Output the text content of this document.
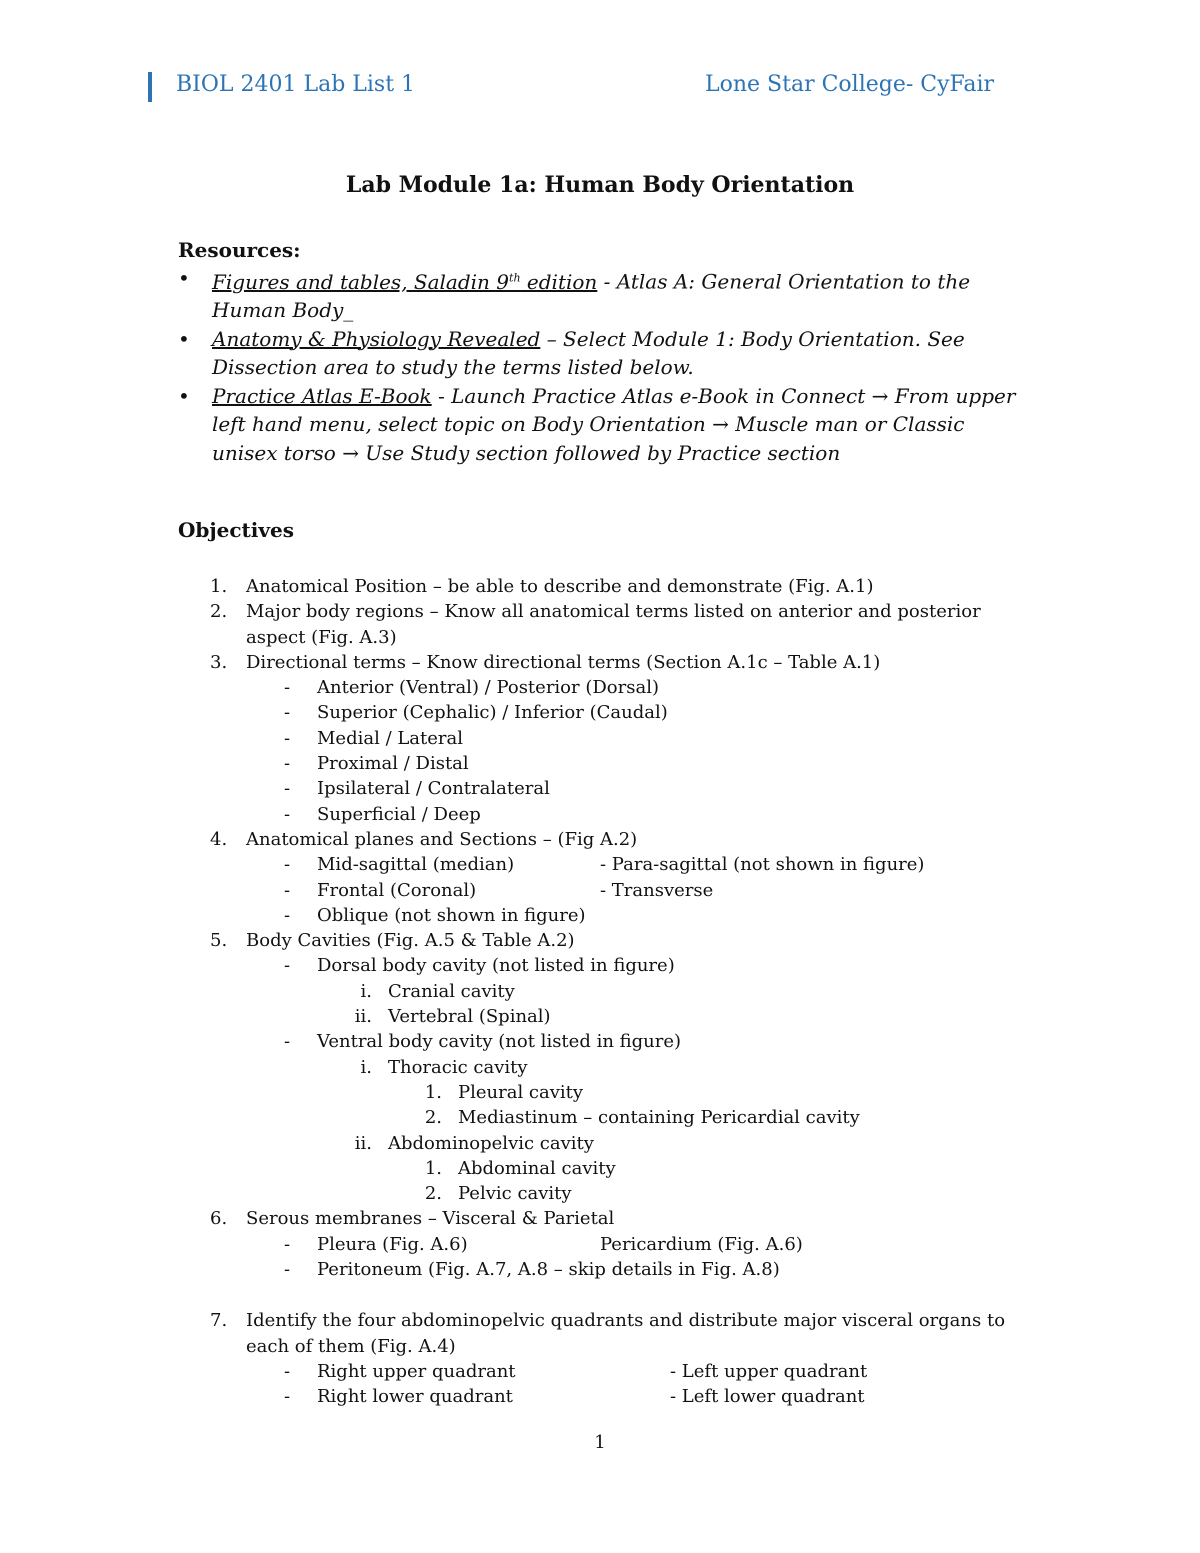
BIOL 2401 Lab List 1	Lone Star College- CyFair
Lab Module 1a: Human Body Orientation
Resources:
• Figures and tables, Saladin 9th edition - Atlas A: General Orientation to the Human Body_
• Anatomy & Physiology Revealed – Select Module 1: Body Orientation. See Dissection area to study the terms listed below.
• Practice Atlas E-Book - Launch Practice Atlas e-Book in Connect → From upper left hand menu, select topic on Body Orientation → Muscle man or Classic unisex torso → Use Study section followed by Practice section
Objectives
1. Anatomical Position – be able to describe and demonstrate (Fig. A.1)
2. Major body regions – Know all anatomical terms listed on anterior and posterior aspect (Fig. A.3)
3. Directional terms – Know directional terms (Section A.1c – Table A.1)
- Anterior (Ventral) / Posterior (Dorsal)
- Superior (Cephalic) / Inferior (Caudal)
- Medial / Lateral
- Proximal / Distal
- Ipsilateral / Contralateral
- Superficial / Deep
4. Anatomical planes and Sections – (Fig A.2)
- Mid-sagittal (median)	- Para-sagittal (not shown in figure)
- Frontal (Coronal)	- Transverse
- Oblique (not shown in figure)
5. Body Cavities (Fig. A.5 & Table A.2)
- Dorsal body cavity (not listed in figure)
i. Cranial cavity
ii. Vertebral (Spinal)
- Ventral body cavity (not listed in figure)
i. Thoracic cavity
1. Pleural cavity
2. Mediastinum – containing Pericardial cavity
ii. Abdominopelvic cavity
1. Abdominal cavity
2. Pelvic cavity
6. Serous membranes – Visceral & Parietal
- Pleura (Fig. A.6)	Pericardium (Fig. A.6)
- Peritoneum (Fig. A.7, A.8 – skip details in Fig. A.8)
7. Identify the four abdominopelvic quadrants and distribute major visceral organs to each of them (Fig. A.4)
- Right upper quadrant	- Left upper quadrant
- Right lower quadrant	- Left lower quadrant
1
